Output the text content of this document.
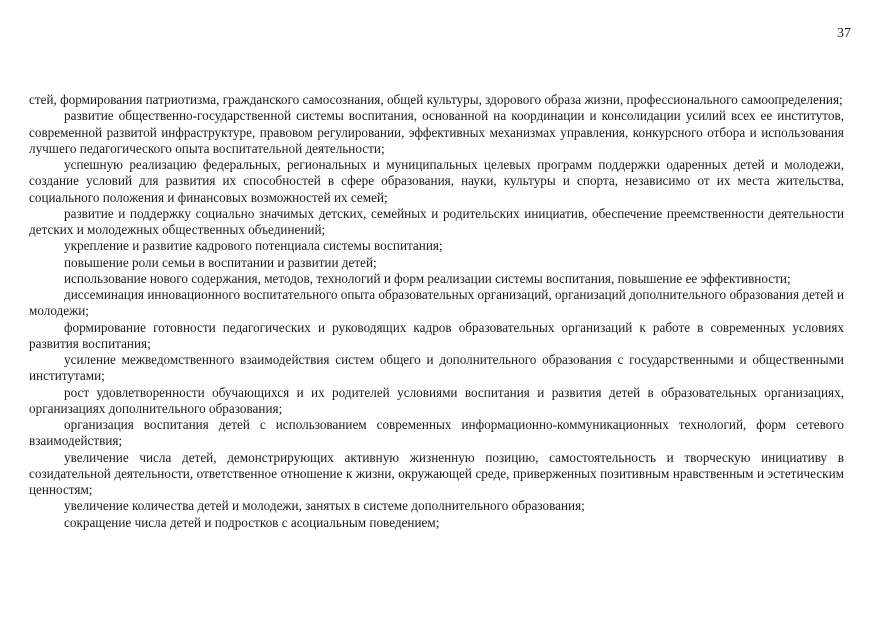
37

стей, формирования патриотизма, гражданского самосознания, общей культуры, здорового образа жизни, профессионального самоопределения;

развитие общественно-государственной системы воспитания, основанной на координации и консолидации усилий всех ее институтов, современной развитой инфраструктуре, правовом регулировании, эффективных механизмах управления, конкурсного отбора и использования лучшего педагогического опыта воспитательной деятельности;

успешную реализацию федеральных, региональных и муниципальных целевых программ поддержки одаренных детей и молодежи, создание условий для развития их способностей в сфере образования, науки, культуры и спорта, независимо от их места жительства, социального положения и финансовых возможностей их семей;

развитие и поддержку социально значимых детских, семейных и родительских инициатив, обеспечение преемственности деятельности детских и молодежных общественных объединений;

укрепление и развитие кадрового потенциала системы воспитания;

повышение роли семьи в воспитании и развитии детей;

использование нового содержания, методов, технологий и форм реализации системы воспитания, повышение ее эффективности;

диссеминация инновационного воспитательного опыта образовательных организаций, организаций дополнительного образования детей и молодежи;

формирование готовности педагогических и руководящих кадров образовательных организаций к работе в современных условиях развития воспитания;

усиление межведомственного взаимодействия систем общего и дополнительного образования с государственными и общественными институтами;

рост удовлетворенности обучающихся и их родителей условиями воспитания и развития детей в образовательных организациях, организациях дополнительного образования;

организация воспитания детей с использованием современных информационно-коммуникационных технологий, форм сетевого взаимодействия;

увеличение числа детей, демонстрирующих активную жизненную позицию, самостоятельность и творческую инициативу в созидательной деятельности, ответственное отношение к жизни, окружающей среде, приверженных позитивным нравственным и эстетическим ценностям;

увеличение количества детей и молодежи, занятых в системе дополнительного образования;

сокращение числа детей и подростков с асоциальным поведением;
